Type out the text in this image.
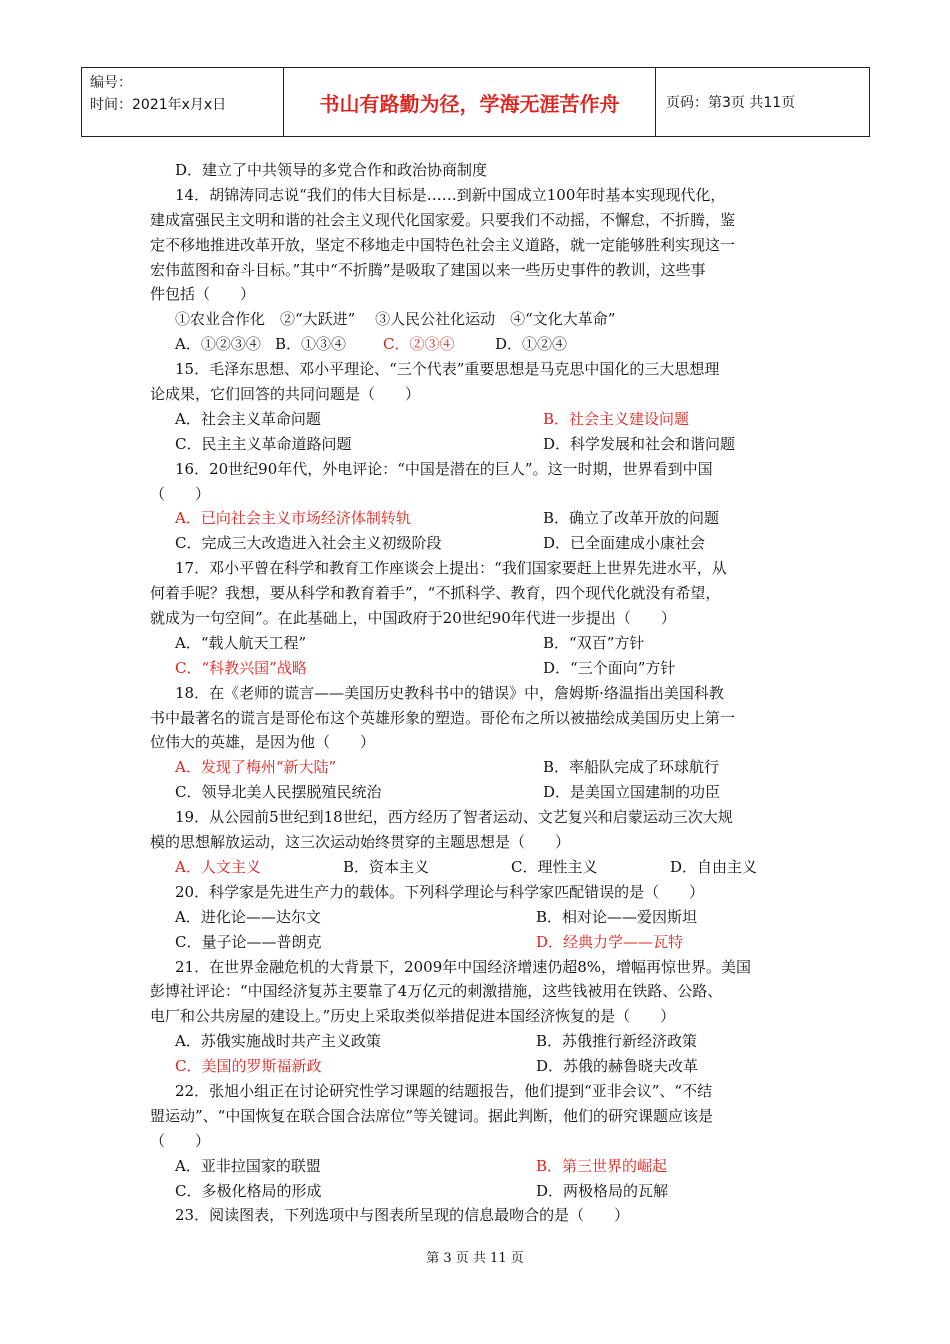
编号：
时间：2021年x月x日	书山有路勤为径，学海无涯苦作舟	页码：第3页 共11页
D．建立了中共领导的多党合作和政治协商制度
14．胡锦涛同志说“我们的伟大目标是……到新中国成立100年时基本实现现代化，
建成富强民主文明和谐的社会主义现代化国家爱。只要我们不动摇，不懈怠，不折腾，鉴
定不移地推进改革开放，坚定不移地走中国特色社会主义道路，就一定能够胜利实现这一
宏伟蓝图和奋斗目标。”其中“不折腾”是吸取了建国以来一些历史事件的教训，这些事
件包括（　　）
①农业合作化　②“大跃进”　 ③人民公社化运动　④“文化大革命”
A．①②③④ B．①③④ C．②③④	D．①②④
15．毛泽东思想、邓小平理论、“三个代表”重要思想是马克思中国化的三大思想理
论成果，它们回答的共同问题是（　　）
A．社会主义革命问题	B．社会主义建设问题
C．民主主义革命道路问题	D．科学发展和社会和谐问题
16．20世纪90年代，外电评论：“中国是潜在的巨人”。这一时期，世界看到中国
（　　）
A．已向社会主义市场经济体制转轨	B．确立了改革开放的问题
C．完成三大改造进入社会主义初级阶段	D．已全面建成小康社会
17．邓小平曾在科学和教育工作座谈会上提出：“我们国家要赶上世界先进水平，从
何着手呢？我想，要从科学和教育着手”，“不抓科学、教育，四个现代化就没有希望，
就成为一句空间”。在此基础上，中国政府于20世纪90年代进一步提出（　　）
A．“载人航天工程”	B．“双百”方针
C．“科教兴国”战略	D．“三个面向”方针
18．在《老师的谎言——美国历史教科书中的错误》中，詹姆斯·络温指出美国科教
书中最著名的谎言是哥伦布这个英雄形象的塑造。哥伦布之所以被描绘成美国历史上第一
位伟大的英雄，是因为他（　　）
A．发现了梅州“新大陆”	B．率船队完成了环球航行
C．领导北美人民摆脱殖民统治	D．是美国立国建制的功臣
19．从公园前5世纪到18世纪，西方经历了智者运动、文艺复兴和启蒙运动三次大规
模的思想解放运动，这三次运动始终贯穿的主题思想是（　　）
A．人文主义	B．资本主义	C．理性主义	D．自由主义
20．科学家是先进生产力的载体。下列科学理论与科学家匹配错误的是（　　）
A．进化论——达尔文	B．相对论——爱因斯坦
C．量子论——普朗克	D．经典力学——瓦特
21．在世界金融危机的大背景下，2009年中国经济增速仍超8%，增幅再惊世界。美国
彭博社评论：“中国经济复苏主要靠了4万亿元的刺激措施，这些钱被用在铁路、公路、
电厂和公共房屋的建设上。”历史上采取类似举措促进本国经济恢复的是（　　）
A．苏俄实施战时共产主义政策	B．苏俄推行新经济政策
C．美国的罗斯福新政	D．苏俄的赫鲁晓夫改革
22．张旭小组正在讨论研究性学习课题的结题报告，他们提到“亚非会议”、“不结
盟运动”、“中国恢复在联合国合法席位”等关键词。据此判断，他们的研究课题应该是
（　　）
A．亚非拉国家的联盟	B．第三世界的崛起
C．多极化格局的形成	D．两极格局的瓦解
23．阅读图表，下列选项中与图表所呈现的信息最吻合的是（　　）
第 3 页 共 11 页
